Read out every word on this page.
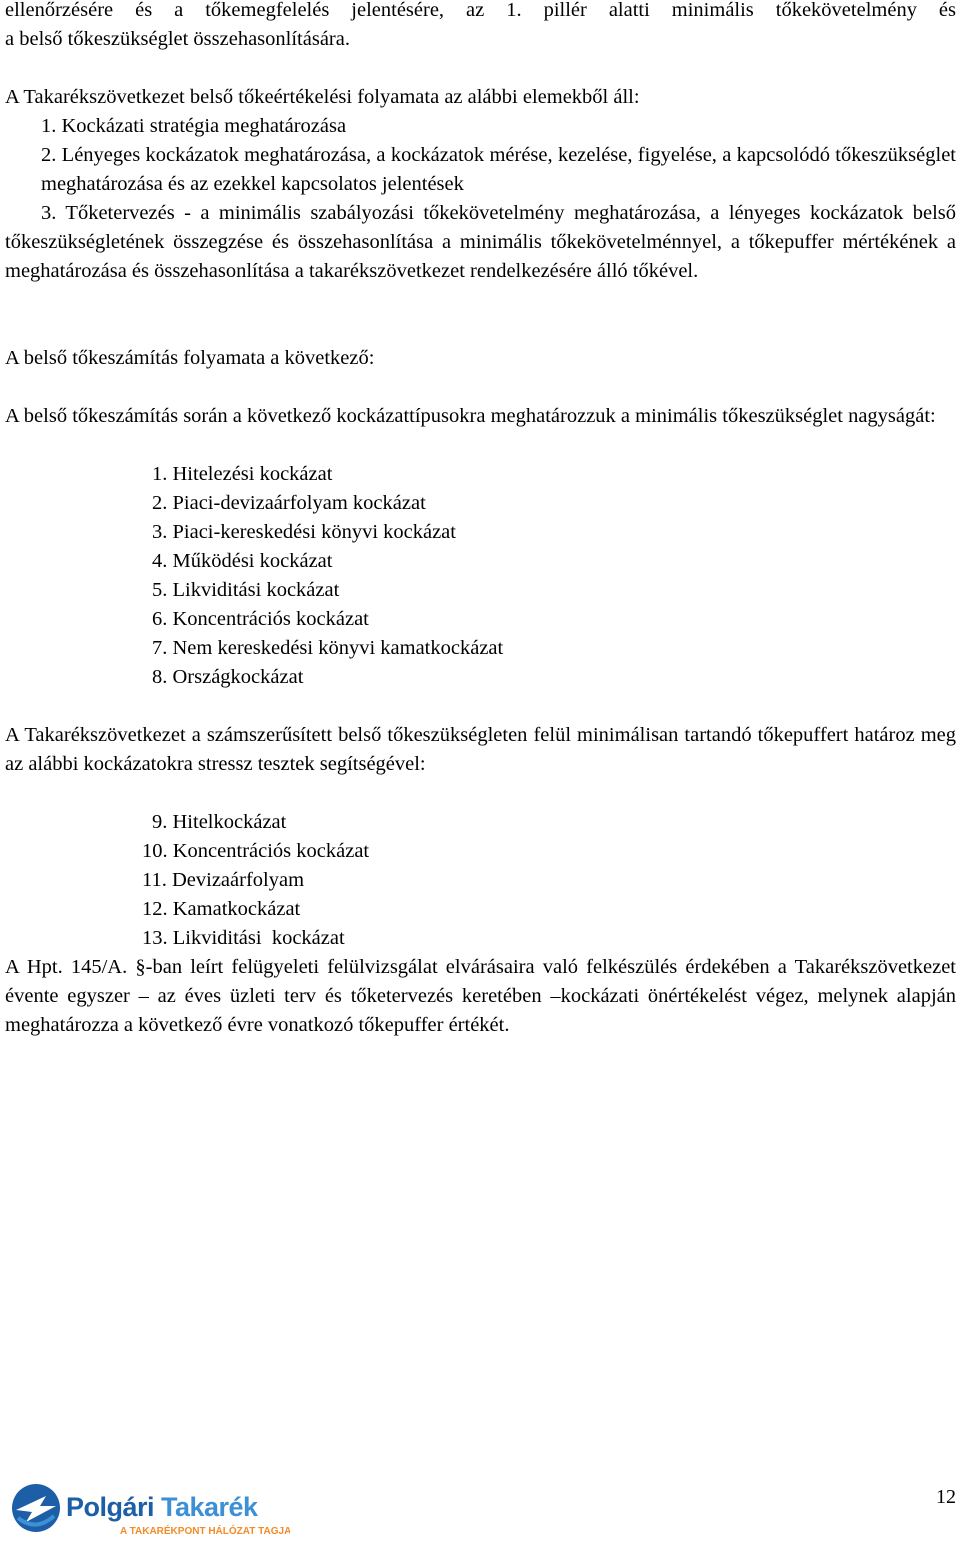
ellenőrzésére és a tőkemegfelelés jelentésére, az 1. pillér alatti minimális tőkekövetelmény és
a belső tőkeszükséglet összehasonlítására.
A Takarékszövetkezet belső tőkeértékelési folyamata az alábbi elemekből áll:
1. Kockázati stratégia meghatározása
2. Lényeges kockázatok meghatározása, a kockázatok mérése, kezelése, figyelése, a kapcsolódó tőkeszükséglet meghatározása és az ezekkel kapcsolatos jelentések
3. Tőketervezés - a minimális szabályozási tőkekövetelmény meghatározása, a lényeges kockázatok belső tőkeszükségletének összegzése és összehasonlítása a minimális tőkekövetelménnyel, a tőkepuffer mértékének a meghatározása és összehasonlítása a takarékszövetkezet rendelkezésére álló tőkével.
A belső tőkeszámítás folyamata a következő:
A belső tőkeszámítás során a következő kockázattípusokra meghatározzuk a minimális tőkeszükséglet nagyságát:
1. Hitelezési kockázat
2. Piaci-devizaárfolyam kockázat
3. Piaci-kereskedési könyvi kockázat
4. Működési kockázat
5. Likviditási kockázat
6. Koncentrációs kockázat
7. Nem kereskedési könyvi kamatkockázat
8. Országkockázat
A Takarékszövetkezet a számszerűsített belső tőkeszükségleten felül minimálisan tartandó tőkepuffert határoz meg az alábbi kockázatokra stressz tesztek segítségével:
9. Hitelkockázat
10. Koncentrációs kockázat
11. Devizaárfolyam
12. Kamatkockázat
13. Likviditási  kockázat
A Hpt. 145/A. §-ban leírt felügyeleti felülvizsgálat elvárásaira való felkészülés érdekében a Takarékszövetkezet évente egyszer – az éves üzleti terv és tőketervezés keretében –kockázati önértékelést végez, melynek alapján meghatározza a következő évre vonatkozó tőkepuffer értékét.
Polgári Takarék
A TAKARÉKPONT HÁLÓZAT TAGJA
12
